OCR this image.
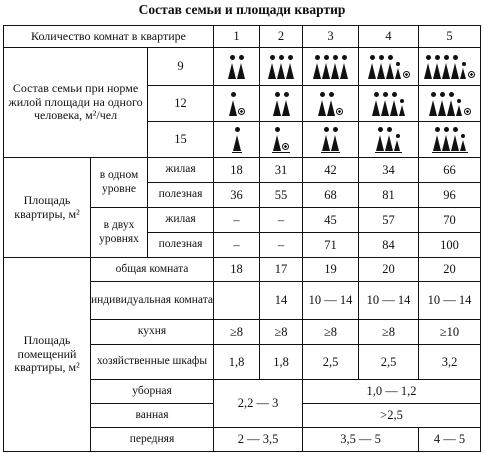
Состав семьи и площади квартир
Количество комнат в квартире			1	2	3	4	5
Состав семьи при норме жилой площади на одного человека, м²/чел		9	

		12	

		15	

Площадь квартиры, м²	в одном уровне	жилая	18	31	42	34	66
		полезная	36	55	68	81	96
	в двух уровнях	жилая	–	–	45	57	70
		полезная	–	–	71	84	100
Площадь помещений квартиры, м²	общая комната		18	17	19	20	20
	индивидуальная комната			14	10 — 14	10 — 14	10 — 14
	кухня		≥8	≥8	≥8	≥8	≥10
	хозяйственные шкафы		1,8	1,8	2,5	2,5	3,2
	уборная		2,2 — 3		1,0 — 1,2		
	ванная				>2,5		
	передняя		2 — 3,5		3,5 — 5		4 — 5
